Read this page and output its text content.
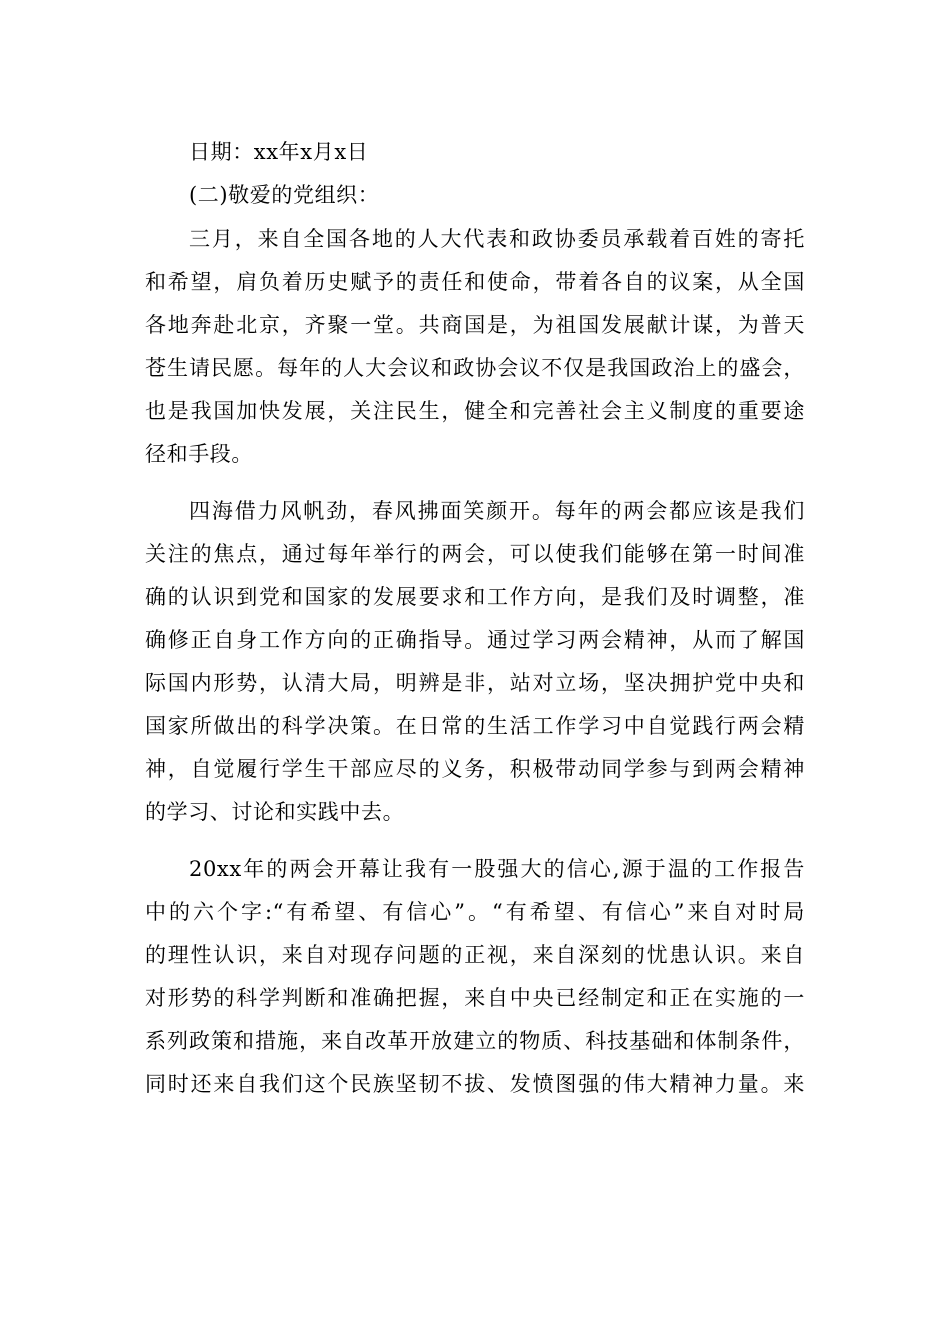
日期：xx年x月x日
(二)敬爱的党组织：
三月，来自全国各地的人大代表和政协委员承载着百姓的寄托
和希望，肩负着历史赋予的责任和使命，带着各自的议案，从全国
各地奔赴北京，齐聚一堂。共商国是，为祖国发展献计谋，为普天
苍生请民愿。每年的人大会议和政协会议不仅是我国政治上的盛会，
也是我国加快发展，关注民生，健全和完善社会主义制度的重要途
径和手段。
四海借力风帆劲，春风拂面笑颜开。每年的两会都应该是我们
关注的焦点，通过每年举行的两会，可以使我们能够在第一时间准
确的认识到党和国家的发展要求和工作方向，是我们及时调整，准
确修正自身工作方向的正确指导。通过学习两会精神，从而了解国
际国内形势，认清大局，明辨是非，站对立场，坚决拥护党中央和
国家所做出的科学决策。在日常的生活工作学习中自觉践行两会精
神，自觉履行学生干部应尽的义务，积极带动同学参与到两会精神
的学习、讨论和实践中去。
20xx年的两会开幕让我有一股强大的信心,源于温的工作报告
中的六个字:“有希望、有信心”。“有希望、有信心”来自对时局
的理性认识，来自对现存问题的正视，来自深刻的忧患认识。来自
对形势的科学判断和准确把握，来自中央已经制定和正在实施的一
系列政策和措施，来自改革开放建立的物质、科技基础和体制条件，
同时还来自我们这个民族坚韧不拔、发愤图强的伟大精神力量。来
